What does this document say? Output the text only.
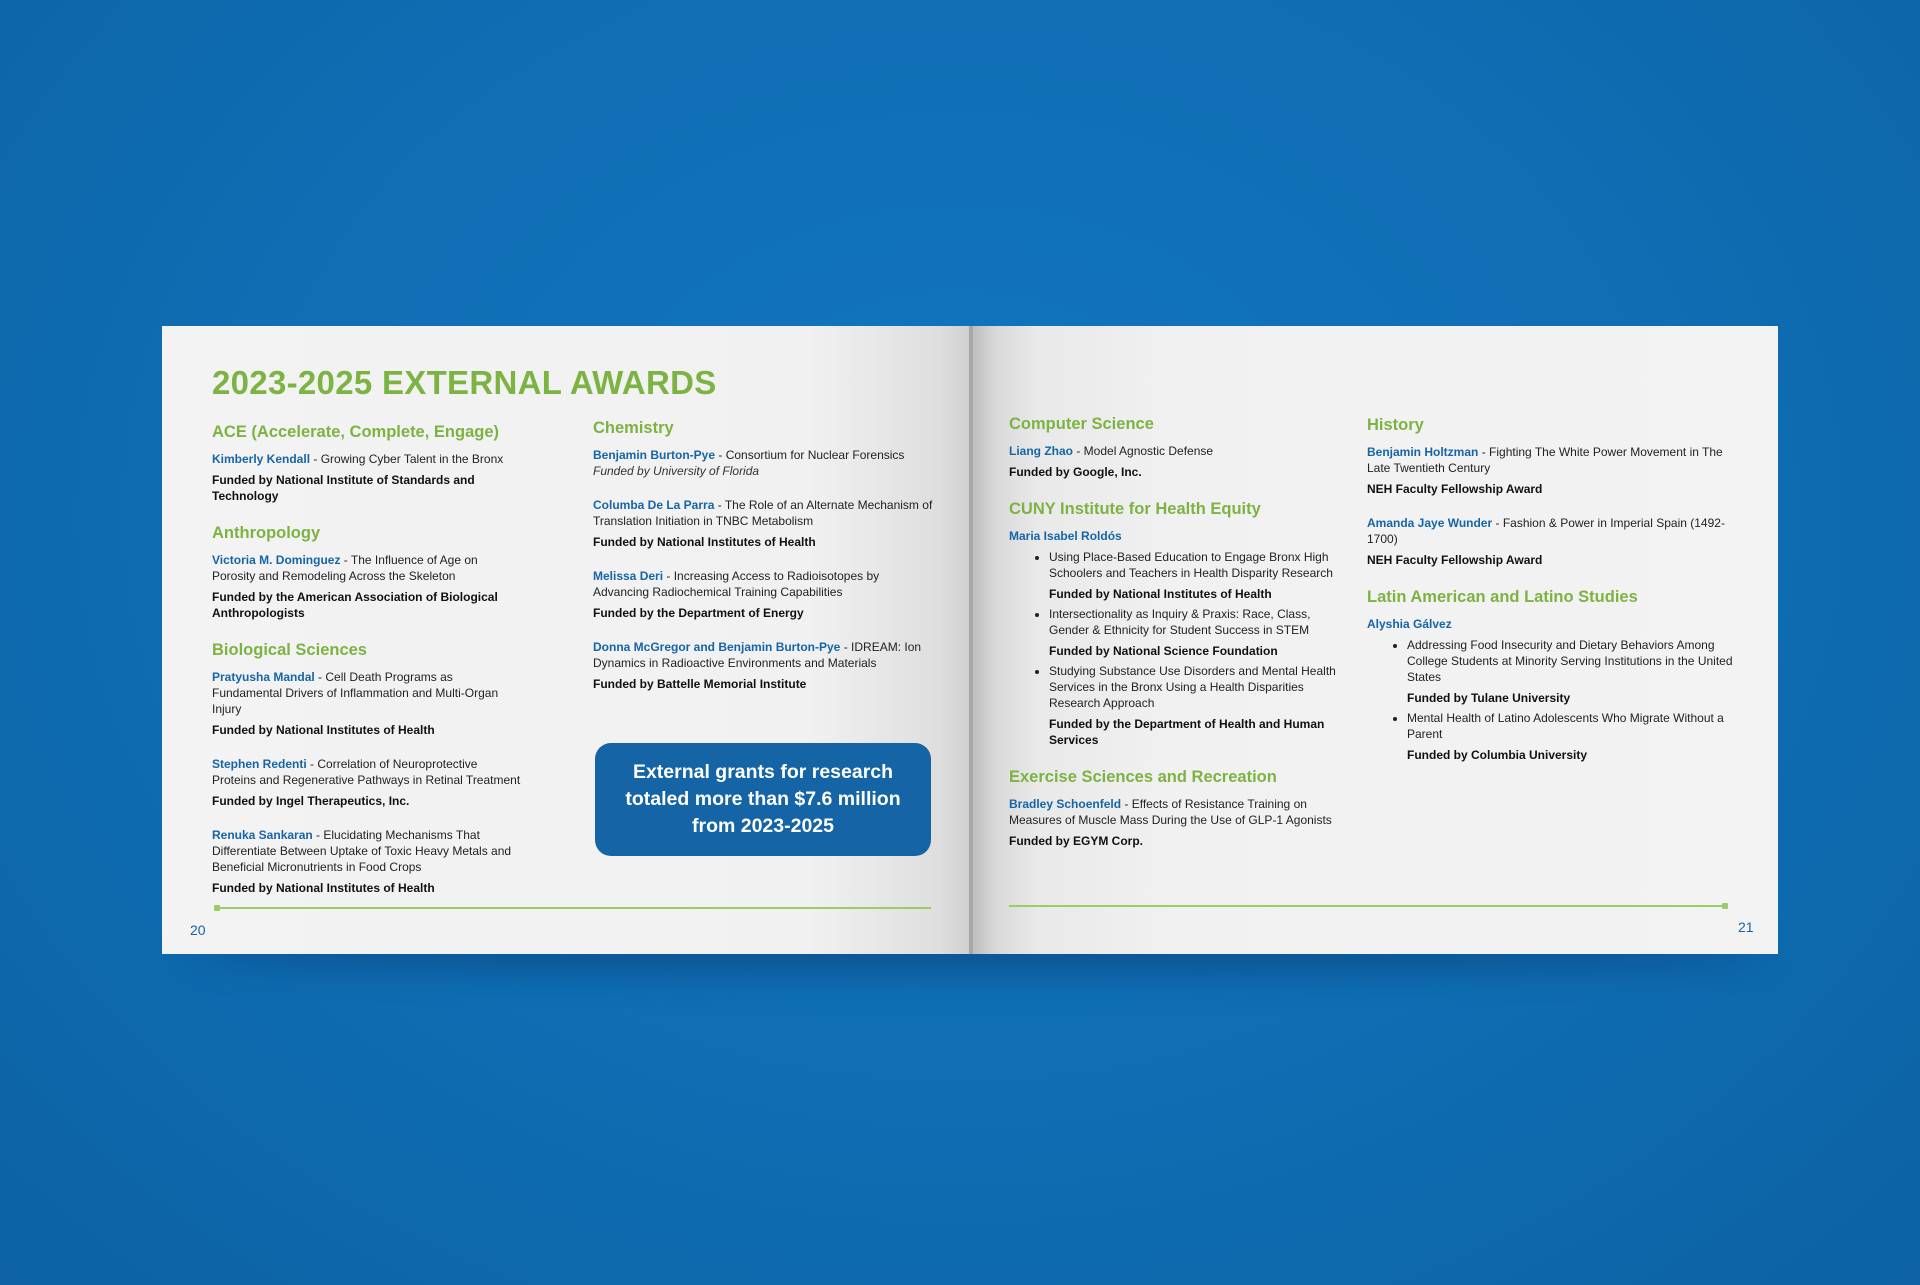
2023-2025 EXTERNAL AWARDS
ACE (Accelerate, Complete, Engage)
Kimberly Kendall - Growing Cyber Talent in the Bronx
Funded by National Institute of Standards and Technology
Anthropology
Victoria M. Dominguez - The Influence of Age on Porosity and Remodeling Across the Skeleton
Funded by the American Association of Biological Anthropologists
Biological Sciences
Pratyusha Mandal - Cell Death Programs as Fundamental Drivers of Inflammation and Multi-Organ Injury
Funded by National Institutes of Health
Stephen Redenti - Correlation of Neuroprotective Proteins and Regenerative Pathways in Retinal Treatment
Funded by Ingel Therapeutics, Inc.
Renuka Sankaran - Elucidating Mechanisms That Differentiate Between Uptake of Toxic Heavy Metals and Beneficial Micronutrients in Food Crops
Funded by National Institutes of Health
Chemistry
Benjamin Burton-Pye - Consortium for Nuclear Forensics
Funded by University of Florida
Columba De La Parra - The Role of an Alternate Mechanism of Translation Initiation in TNBC Metabolism
Funded by National Institutes of Health
Melissa Deri - Increasing Access to Radioisotopes by Advancing Radiochemical Training Capabilities
Funded by the Department of Energy
Donna McGregor and Benjamin Burton-Pye - IDREAM: Ion Dynamics in Radioactive Environments and Materials
Funded by Battelle Memorial Institute
External grants for research totaled more than $7.6 million from 2023-2025
20
Computer Science
Liang Zhao - Model Agnostic Defense
Funded by Google, Inc.
CUNY Institute for Health Equity
Maria Isabel Roldós
• Using Place-Based Education to Engage Bronx High Schoolers and Teachers in Health Disparity Research
Funded by National Institutes of Health
• Intersectionality as Inquiry & Praxis: Race, Class, Gender & Ethnicity for Student Success in STEM
Funded by National Science Foundation
• Studying Substance Use Disorders and Mental Health Services in the Bronx Using a Health Disparities Research Approach
Funded by the Department of Health and Human Services
Exercise Sciences and Recreation
Bradley Schoenfeld - Effects of Resistance Training on Measures of Muscle Mass During the Use of GLP-1 Agonists
Funded by EGYM Corp.
History
Benjamin Holtzman - Fighting The White Power Movement in The Late Twentieth Century
NEH Faculty Fellowship Award
Amanda Jaye Wunder - Fashion & Power in Imperial Spain (1492-1700)
NEH Faculty Fellowship Award
Latin American and Latino Studies
Alyshia Gálvez
• Addressing Food Insecurity and Dietary Behaviors Among College Students at Minority Serving Institutions in the United States
Funded by Tulane University
• Mental Health of Latino Adolescents Who Migrate Without a Parent
Funded by Columbia University
21
